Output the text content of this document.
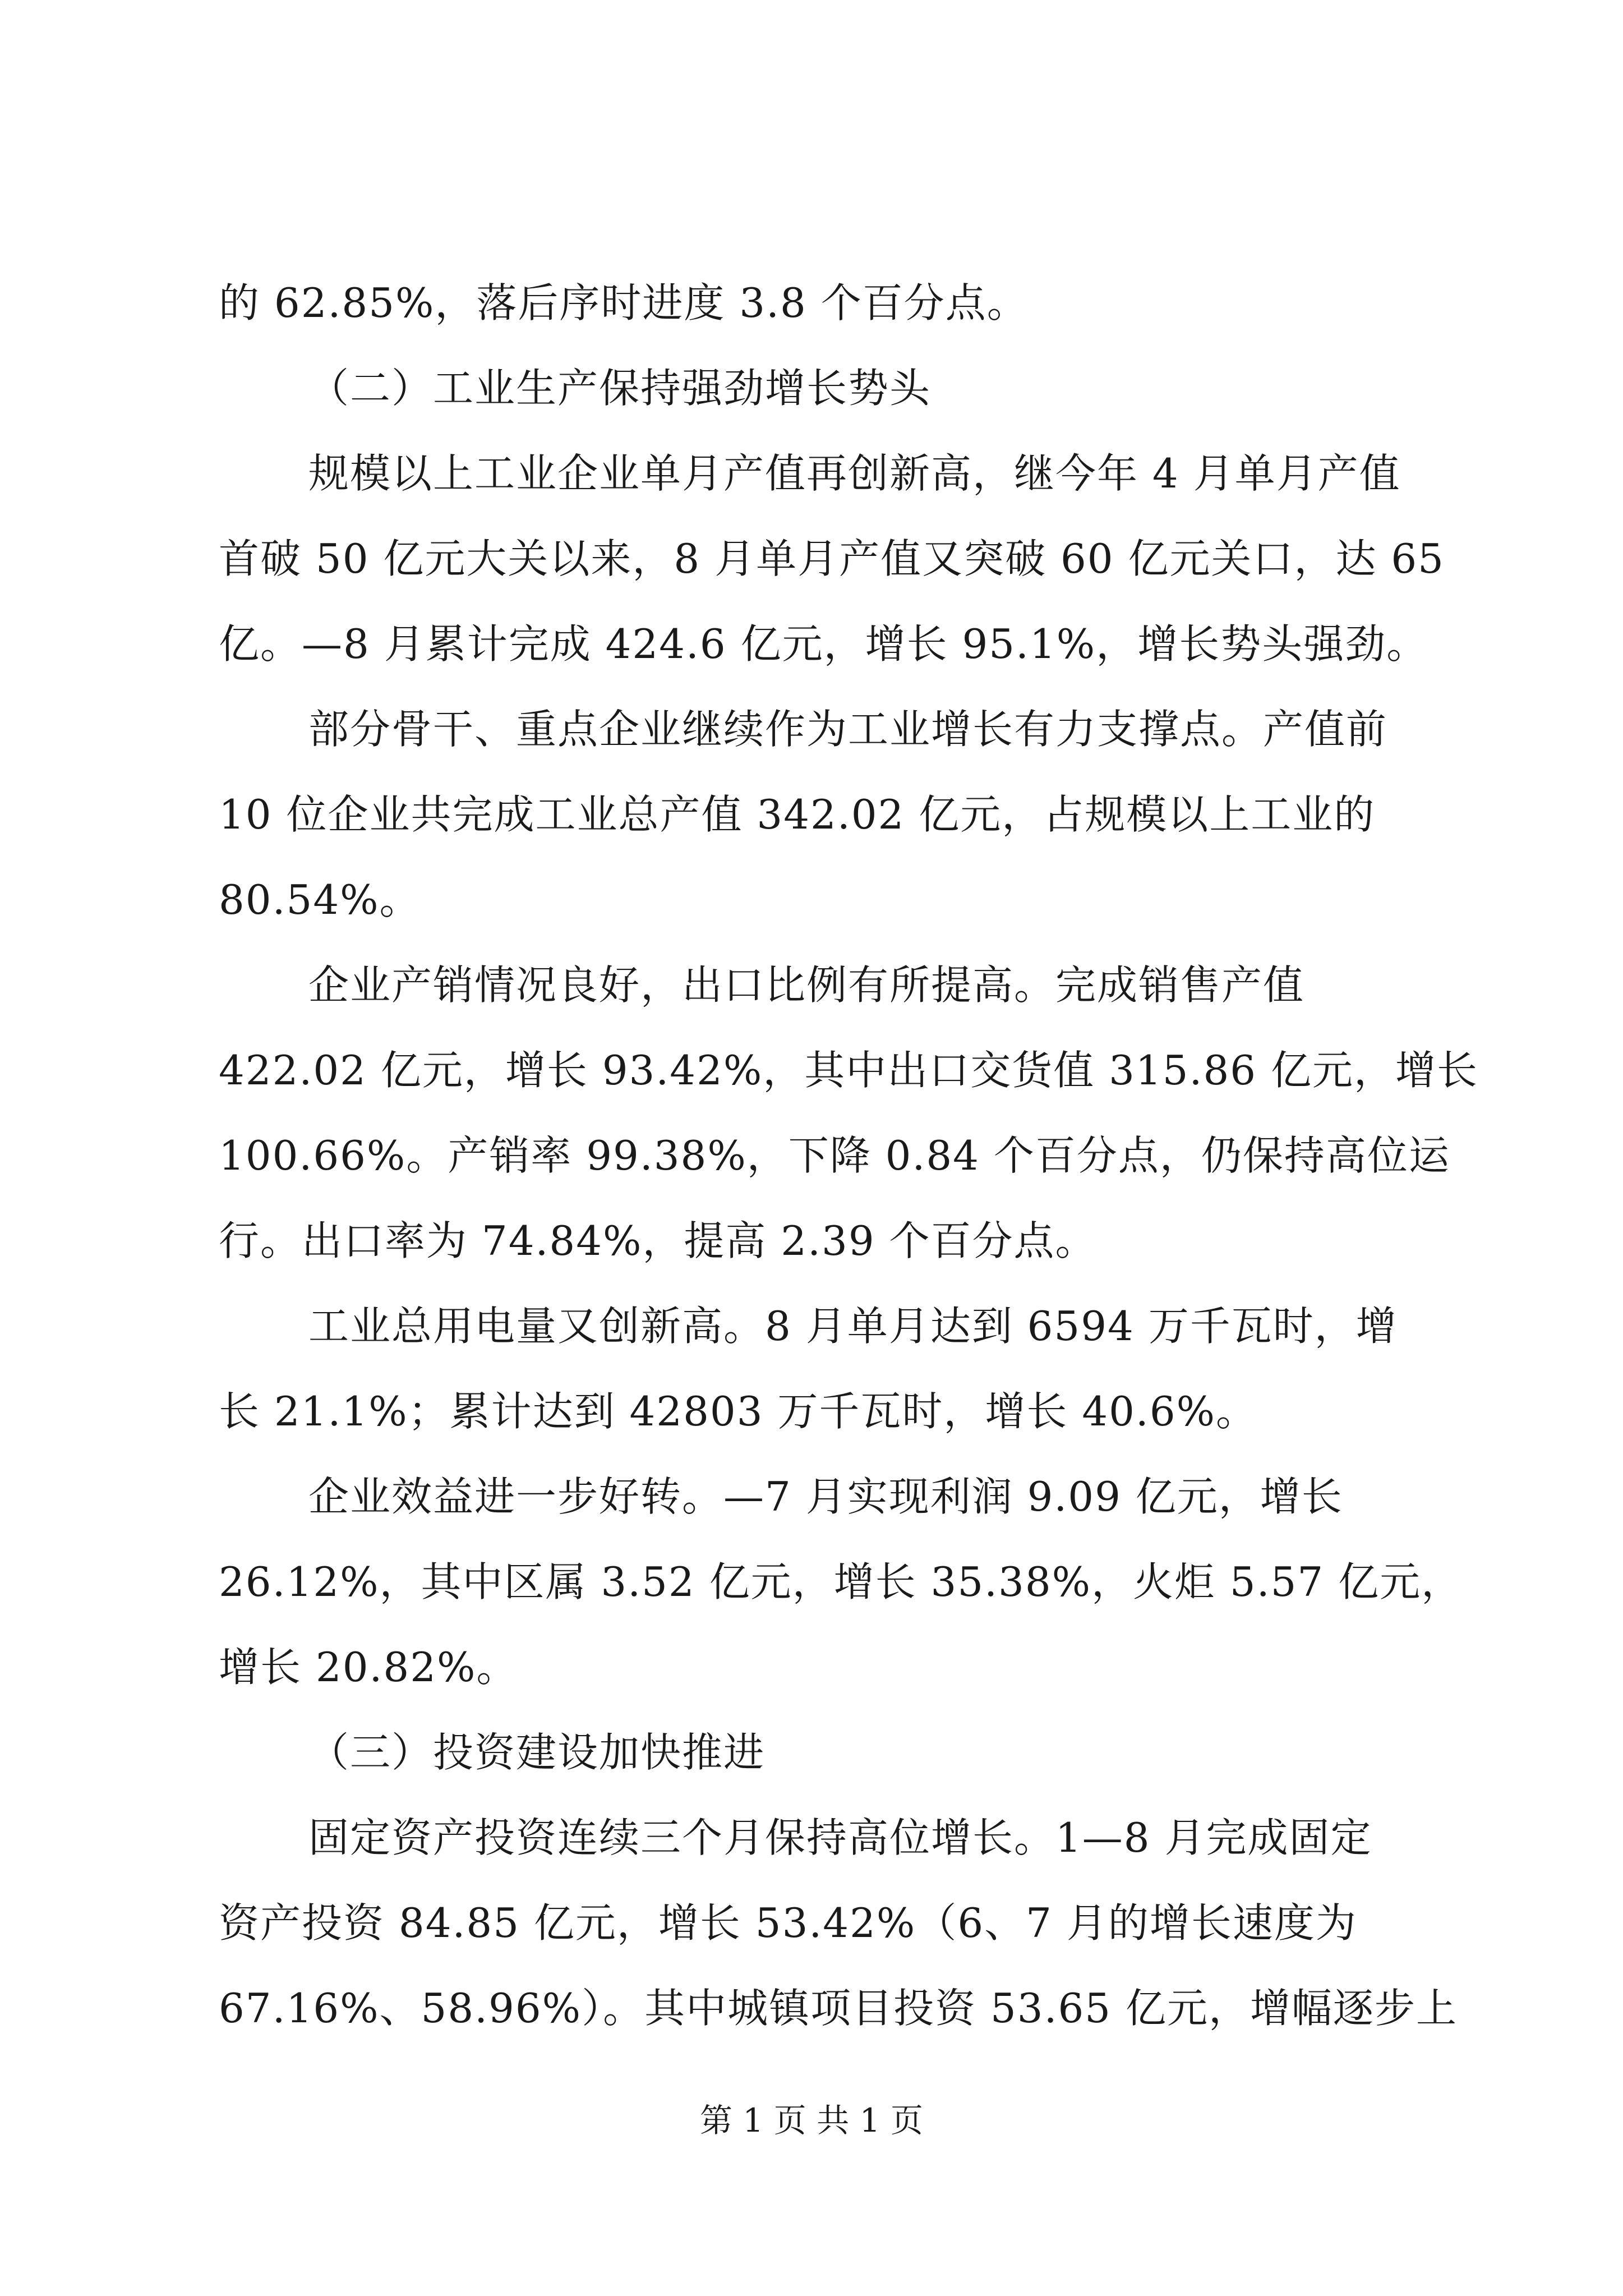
的 62.85%，落后序时进度 3.8 个百分点。
（二）工业生产保持强劲增长势头
规模以上工业企业单月产值再创新高，继今年 4 月单月产值
首破 50 亿元大关以来，8 月单月产值又突破 60 亿元关口，达 65
亿。—8 月累计完成 424.6 亿元，增长 95.1%，增长势头强劲。
部分骨干、重点企业继续作为工业增长有力支撑点。产值前
10 位企业共完成工业总产值 342.02 亿元，占规模以上工业的
80.54%。
企业产销情况良好，出口比例有所提高。完成销售产值
422.02 亿元，增长 93.42%，其中出口交货值 315.86 亿元，增长
100.66%。产销率 99.38%，下降 0.84 个百分点，仍保持高位运
行。出口率为 74.84%，提高 2.39 个百分点。
工业总用电量又创新高。8 月单月达到 6594 万千瓦时，增
长 21.1%；累计达到 42803 万千瓦时，增长 40.6%。
企业效益进一步好转。—7 月实现利润 9.09 亿元，增长
26.12%，其中区属 3.52 亿元，增长 35.38%，火炬 5.57 亿元，
增长 20.82%。
（三）投资建设加快推进
固定资产投资连续三个月保持高位增长。1—8 月完成固定
资产投资 84.85 亿元，增长 53.42%（6、7 月的增长速度为
67.16%、58.96%）。其中城镇项目投资 53.65 亿元，增幅逐步上
第 1 页 共 1 页
